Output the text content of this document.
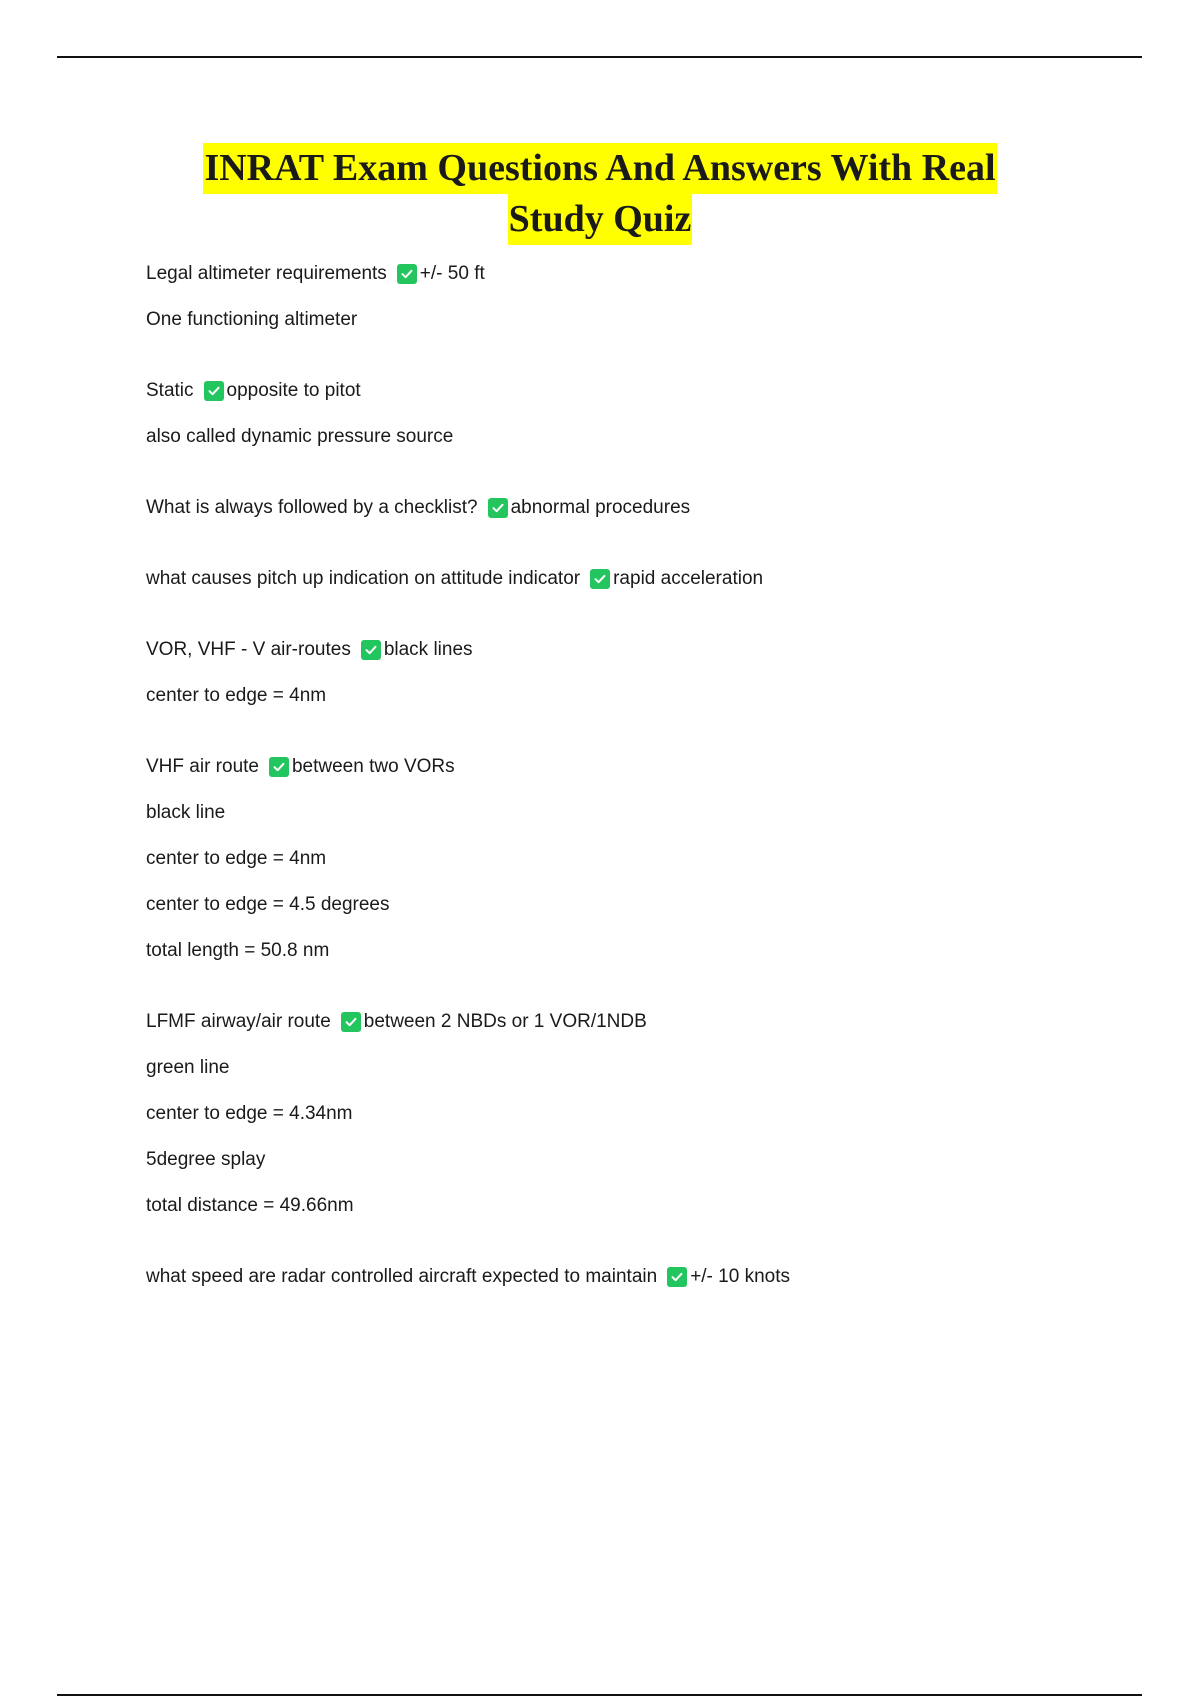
INRAT Exam Questions And Answers With Real
Study Quiz
Legal altimeter requirements +/- 50 ft
One functioning altimeter
Static opposite to pitot
also called dynamic pressure source
What is always followed by a checklist? abnormal procedures
what causes pitch up indication on attitude indicator rapid acceleration
VOR, VHF - V air-routes black lines
center to edge = 4nm
VHF air route between two VORs
black line
center to edge = 4nm
center to edge = 4.5 degrees
total length = 50.8 nm
LFMF airway/air route between 2 NBDs or 1 VOR/1NDB
green line
center to edge = 4.34nm
5degree splay
total distance = 49.66nm
what speed are radar controlled aircraft expected to maintain +/- 10 knots
